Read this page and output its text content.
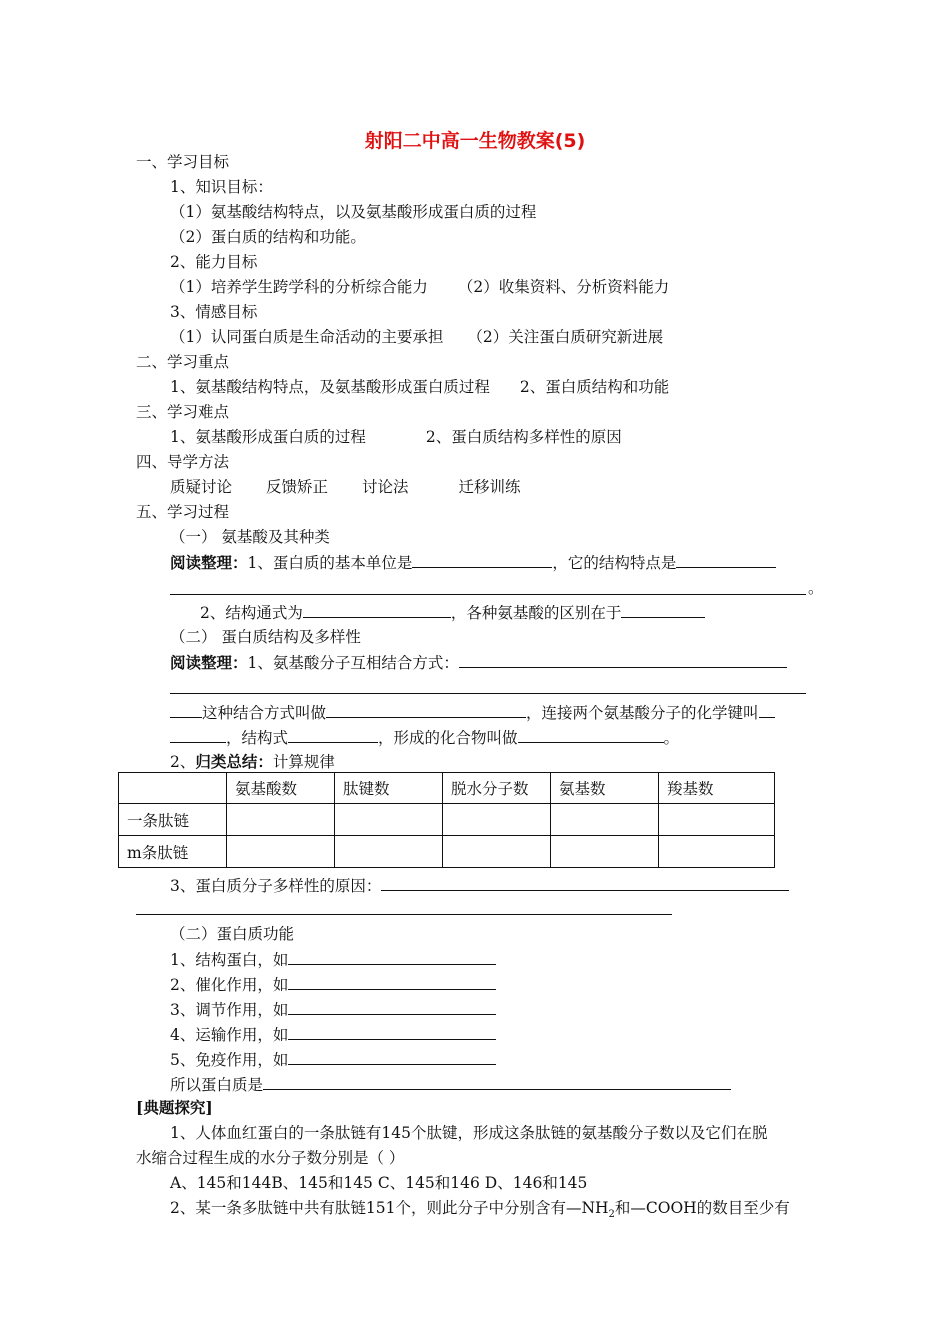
射阳二中高一生物教案(5)
一、学习目标
1、知识目标：
（1）氨基酸结构特点，以及氨基酸形成蛋白质的过程
（2）蛋白质的结构和功能。
2、能力目标
（1）培养学生跨学科的分析综合能力 （2）收集资料、分析资料能力
3、情感目标
（1）认同蛋白质是生命活动的主要承担 （2）关注蛋白质研究新进展
二、学习重点
1、氨基酸结构特点，及氨基酸形成蛋白质过程 2、蛋白质结构和功能
三、学习难点
1、氨基酸形成蛋白质的过程	2、蛋白质结构多样性的原因
四、导学方法
质疑讨论 反馈矫正 讨论法	迁移训练
五、学习过程
（一） 氨基酸及其种类
阅读整理：1、蛋白质的基本单位是	，它的结构特点是
。
2、结构通式为	，各种氨基酸的区别在于
（二） 蛋白质结构及多样性
阅读整理：1、氨基酸分子互相结合方式：
这种结合方式叫做	，连接两个氨基酸分子的化学键叫
，结构式	，形成的化合物叫做	。
2、归类总结：计算规律
	氨基酸数	肽键数	脱水分子数	氨基数	羧基数
一条肽链					
m条肽链					
3、蛋白质分子多样性的原因：
（二）蛋白质功能
1、结构蛋白，如
2、催化作用，如
3、调节作用，如
4、运输作用，如
5、免疫作用，如
所以蛋白质是
[典题探究]
1、人体血红蛋白的一条肽链有145个肽键，形成这条肽链的氨基酸分子数以及它们在脱
水缩合过程生成的水分子数分别是（ ）
A、145和144B、145和145 C、145和146 D、146和145
2、某一条多肽链中共有肽链151个，则此分子中分别含有$—NH_2$和—COOH的数目至少有
